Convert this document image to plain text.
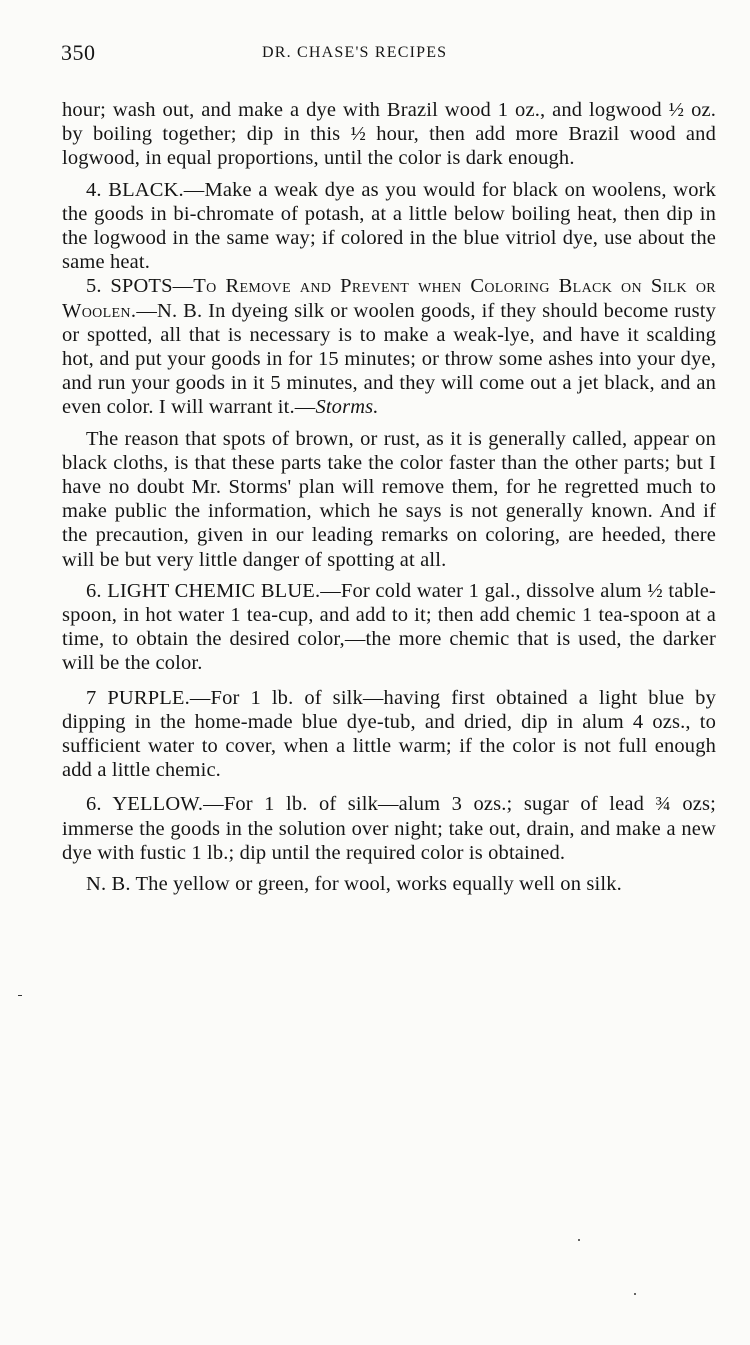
350	DR. CHASE'S RECIPES

hour; wash out, and make a dye with Brazil wood 1 oz., and logwood ½ oz. by boiling together; dip in this ½ hour, then add more Brazil wood and logwood, in equal proportions, until the color is dark enough.

4. BLACK.—Make a weak dye as you would for black on woolens, work the goods in bi-chromate of potash, at a little below boiling heat, then dip in the logwood in the same way; if colored in the blue vitriol dye, use about the same heat.

5. SPOTS—To Remove and Prevent when Coloring Black on Silk or Woolen.—N. B. In dyeing silk or woolen goods, if they should become rusty or spotted, all that is necessary is to make a weak-lye, and have it scalding hot, and put your goods in for 15 minutes; or throw some ashes into your dye, and run your goods in it 5 minutes, and they will come out a jet black, and an even color. I will warrant it.—Storms.

The reason that spots of brown, or rust, as it is generally called, appear on black cloths, is that these parts take the color faster than the other parts; but I have no doubt Mr. Storms' plan will remove them, for he regretted much to make public the information, which he says is not generally known. And if the precaution, given in our leading remarks on coloring, are heeded, there will be but very little danger of spotting at all.

6. LIGHT CHEMIC BLUE.—For cold water 1 gal., dissolve alum ½ table-spoon, in hot water 1 tea-cup, and add to it; then add chemic 1 tea-spoon at a time, to obtain the desired color,—the more chemic that is used, the darker will be the color.

7 PURPLE.—For 1 lb. of silk—having first obtained a light blue by dipping in the home-made blue dye-tub, and dried, dip in alum 4 ozs., to sufficient water to cover, when a little warm; if the color is not full enough add a little chemic.

6. YELLOW.—For 1 lb. of silk—alum 3 ozs.; sugar of lead ¾ ozs; immerse the goods in the solution over night; take out, drain, and make a new dye with fustic 1 lb.; dip until the required color is obtained.

N. B. The yellow or green, for wool, works equally well on silk.
